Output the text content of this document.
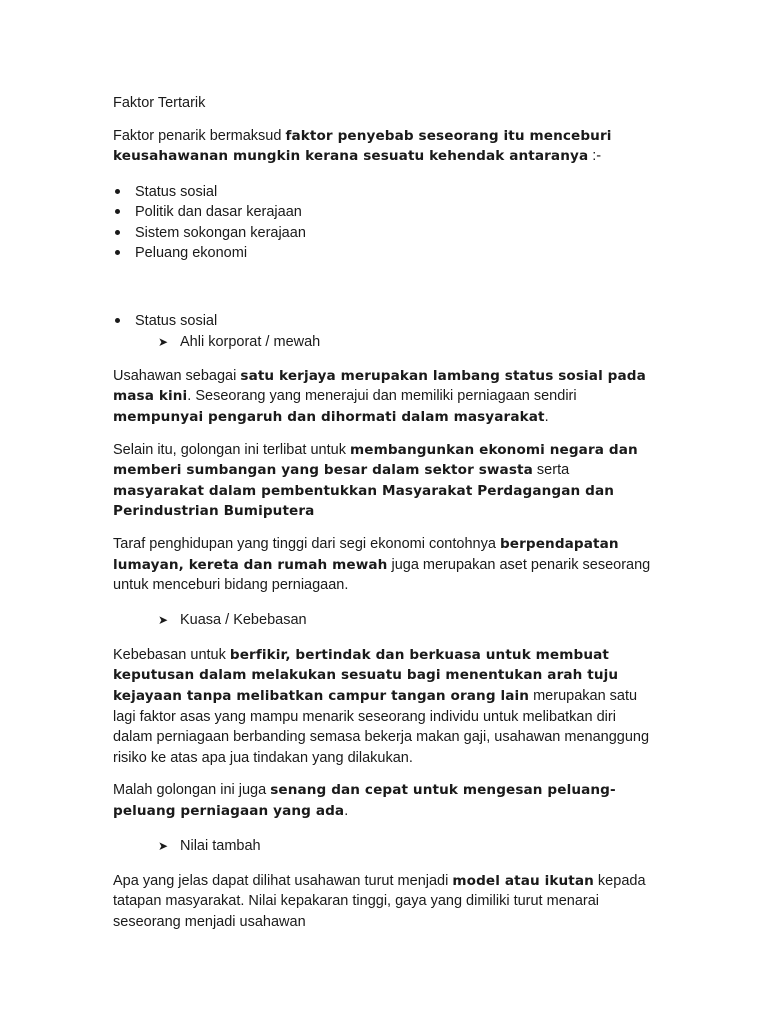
Faktor Tertarik

Faktor penarik bermaksud faktor penyebab seseorang itu menceburi keusahawanan mungkin kerana sesuatu kehendak antaranya :-

Status sosial
Politik dan dasar kerajaan
Sistem sokongan kerajaan
Peluang ekonomi
Status sosial
➤ Ahli korporat / mewah

Usahawan sebagai satu kerjaya merupakan lambang status sosial pada masa kini. Seseorang yang menerajui dan memiliki perniagaan sendiri mempunyai pengaruh dan dihormati dalam masyarakat.

Selain itu, golongan ini terlibat untuk membangunkan ekonomi negara dan memberi sumbangan yang besar dalam sektor swasta serta masyarakat dalam pembentukkan Masyarakat Perdagangan dan Perindustrian Bumiputera

Taraf penghidupan yang tinggi dari segi ekonomi contohnya berpendapatan lumayan, kereta dan rumah mewah juga merupakan aset penarik seseorang untuk menceburi bidang perniagaan.

➤ Kuasa / Kebebasan

Kebebasan untuk berfikir, bertindak dan berkuasa untuk membuat keputusan dalam melakukan sesuatu bagi menentukan arah tuju kejayaan tanpa melibatkan campur tangan orang lain merupakan satu lagi faktor asas yang mampu menarik seseorang individu untuk melibatkan diri dalam perniagaan berbanding semasa bekerja makan gaji, usahawan menanggung risiko ke atas apa jua tindakan yang dilakukan.

Malah golongan ini juga senang dan cepat untuk mengesan peluang-peluang perniagaan yang ada.

➤ Nilai tambah

Apa yang jelas dapat dilihat usahawan turut menjadi model atau ikutan kepada tatapan masyarakat. Nilai kepakaran tinggi, gaya yang dimiliki turut menarai seseorang menjadi usahawan
